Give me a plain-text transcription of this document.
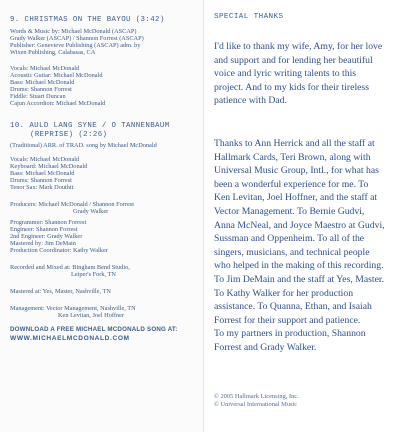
9. CHRISTMAS ON THE BAYOU (3:42)
Words & Music by: Michael McDonald (ASCAP)
Grady Walker (ASCAP) / Shannon Forrest (ASCAP)
Publisher: Genevieve Publishing (ASCAP) adm. by
Wixen Publishing, Calabasas, CA
Vocals: Michael McDonald
Acoustic Guitar: Michael McDonald
Bass: Michael McDonald
Drums: Shannon Forrest
Fiddle: Stuart Duncan
Cajun Accordion: Michael McDonald
10. AULD LANG SYNE / O TANNENBAUM
(REPRISE) (2:26)
(Traditional) ARR. of TRAD. song by Michael McDonald
Vocals: Michael McDonald
Keyboard: Michael McDonald
Bass: Michael McDonald
Drums: Shannon Forrest
Tenor Sax: Mark Douthit
Producers: Michael McDonald / Shannon Forrest
Grady Walker
Programmer: Shannon Forrest
Engineer: Shannon Forrest
2nd Engineer: Grady Walker
Mastered by: Jim DeMain
Production Coordinator: Kathy Walker
Recorded and Mixed at: Bingham Bend Studio,
Leiper's Fork, TN
Mastered at: Yes, Master, Nashville, TN
Management: Vector Management, Nashville, TN
Ken Levitan, Joel Hoffner
DOWNLOAD A FREE MICHAEL MCDONALD SONG AT:
WWW.MICHAELMCDONALD.COM
SPECIAL THANKS
I'd like to thank my wife, Amy, for her love
and support and for lending her beautiful
voice and lyric writing talents to this
project. And to my kids for their tireless
patience with Dad.
Thanks to Ann Herrick and all the staff at
Hallmark Cards, Teri Brown, along with
Universal Music Group, Intl., for what has
been a wonderful experience for me. To
Ken Levitan, Joel Hoffner, and the staff at
Vector Management. To Bernie Gudvi,
Anna McNeal, and Joyce Maestro at Gudvi,
Sussman and Oppenheim. To all of the
singers, musicians, and technical people
who helped in the making of this recording.
To Jim DeMain and the staff at Yes, Master.
To Kathy Walker for her production
assistance. To Quanna, Ethan, and Isaiah
Forrest for their support and patience.
To my partners in production, Shannon
Forrest and Grady Walker.
© 2005 Hallmark Licensing, Inc.
© Universal International Music
